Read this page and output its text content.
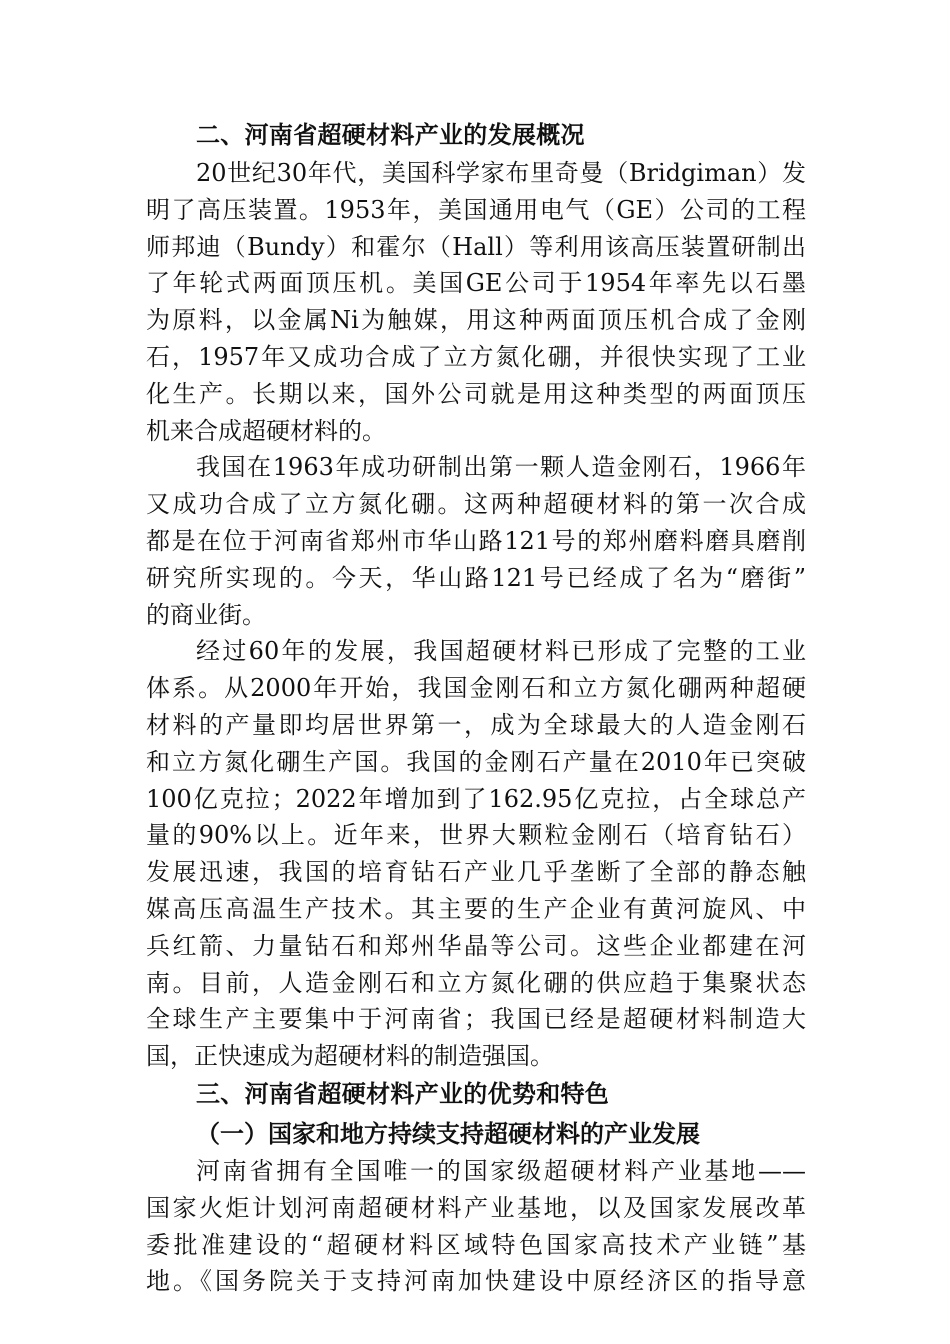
二、河南省超硬材料产业的发展概况
20世纪30年代，美国科学家布里奇曼（Bridgiman）发
明了高压装置。1953年，美国通用电气（GE）公司的工程
师邦迪（Bundy）和霍尔（Hall）等利用该高压装置研制出
了年轮式两面顶压机。美国GE公司于1954年率先以石墨
为原料，以金属Ni为触媒，用这种两面顶压机合成了金刚
石，1957年又成功合成了立方氮化硼，并很快实现了工业
化生产。长期以来，国外公司就是用这种类型的两面顶压
机来合成超硬材料的。
我国在1963年成功研制出第一颗人造金刚石，1966年
又成功合成了立方氮化硼。这两种超硬材料的第一次合成
都是在位于河南省郑州市华山路121号的郑州磨料磨具磨削
研究所实现的。今天，华山路121号已经成了名为“磨街”
的商业街。
经过60年的发展，我国超硬材料已形成了完整的工业
体系。从2000年开始，我国金刚石和立方氮化硼两种超硬
材料的产量即均居世界第一，成为全球最大的人造金刚石
和立方氮化硼生产国。我国的金刚石产量在2010年已突破
100亿克拉；2022年增加到了162.95亿克拉，占全球总产
量的90%以上。近年来，世界大颗粒金刚石（培育钻石）
发展迅速，我国的培育钻石产业几乎垄断了全部的静态触
媒高压高温生产技术。其主要的生产企业有黄河旋风、中
兵红箭、力量钻石和郑州华晶等公司。这些企业都建在河
南。目前，人造金刚石和立方氮化硼的供应趋于集聚状态
全球生产主要集中于河南省；我国已经是超硬材料制造大
国，正快速成为超硬材料的制造强国。
三、河南省超硬材料产业的优势和特色
（一）国家和地方持续支持超硬材料的产业发展
河南省拥有全国唯一的国家级超硬材料产业基地——
国家火炬计划河南超硬材料产业基地，以及国家发展改革
委批准建设的“超硬材料区域特色国家高技术产业链”基
地。《国务院关于支持河南加快建设中原经济区的指导意
